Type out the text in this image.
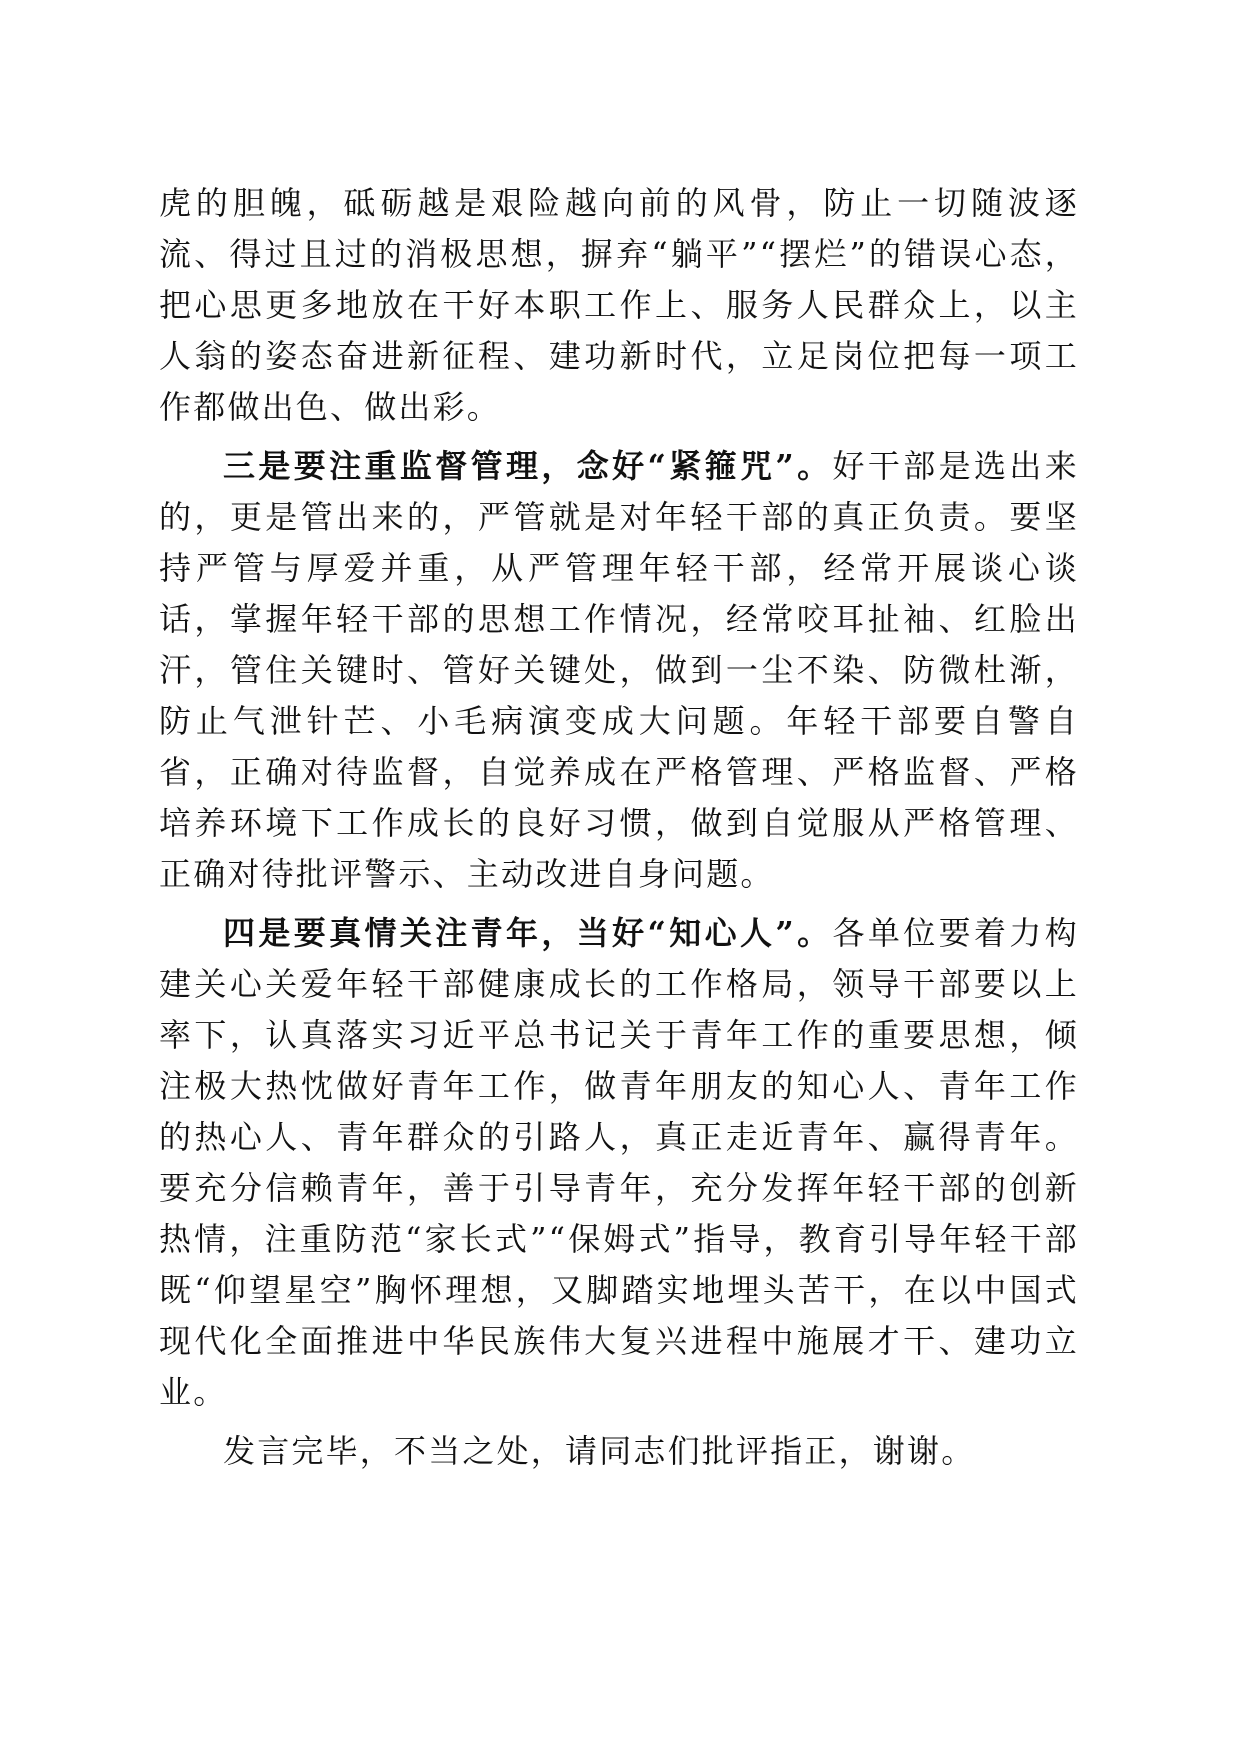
虎的胆魄，砥砺越是艰险越向前的风骨，防止一切随波逐流、得过且过的消极思想，摒弃“躺平”“摆烂”的错误心态，把心思更多地放在干好本职工作上、服务人民群众上，以主人翁的姿态奋进新征程、建功新时代，立足岗位把每一项工作都做出色、做出彩。

三是要注重监督管理，念好“紧箍咒”。好干部是选出来的，更是管出来的，严管就是对年轻干部的真正负责。要坚持严管与厚爱并重，从严管理年轻干部，经常开展谈心谈话，掌握年轻干部的思想工作情况，经常咬耳扯袖、红脸出汗，管住关键时、管好关键处，做到一尘不染、防微杜渐，防止气泄针芒、小毛病演变成大问题。年轻干部要自警自省，正确对待监督，自觉养成在严格管理、严格监督、严格培养环境下工作成长的良好习惯，做到自觉服从严格管理、正确对待批评警示、主动改进自身问题。

四是要真情关注青年，当好“知心人”。各单位要着力构建关心关爱年轻干部健康成长的工作格局，领导干部要以上率下，认真落实习近平总书记关于青年工作的重要思想，倾注极大热忱做好青年工作，做青年朋友的知心人、青年工作的热心人、青年群众的引路人，真正走近青年、赢得青年。要充分信赖青年，善于引导青年，充分发挥年轻干部的创新热情，注重防范“家长式”“保姆式”指导，教育引导年轻干部既“仰望星空”胸怀理想，又脚踏实地埋头苦干，在以中国式现代化全面推进中华民族伟大复兴进程中施展才干、建功立业。

发言完毕，不当之处，请同志们批评指正，谢谢。
